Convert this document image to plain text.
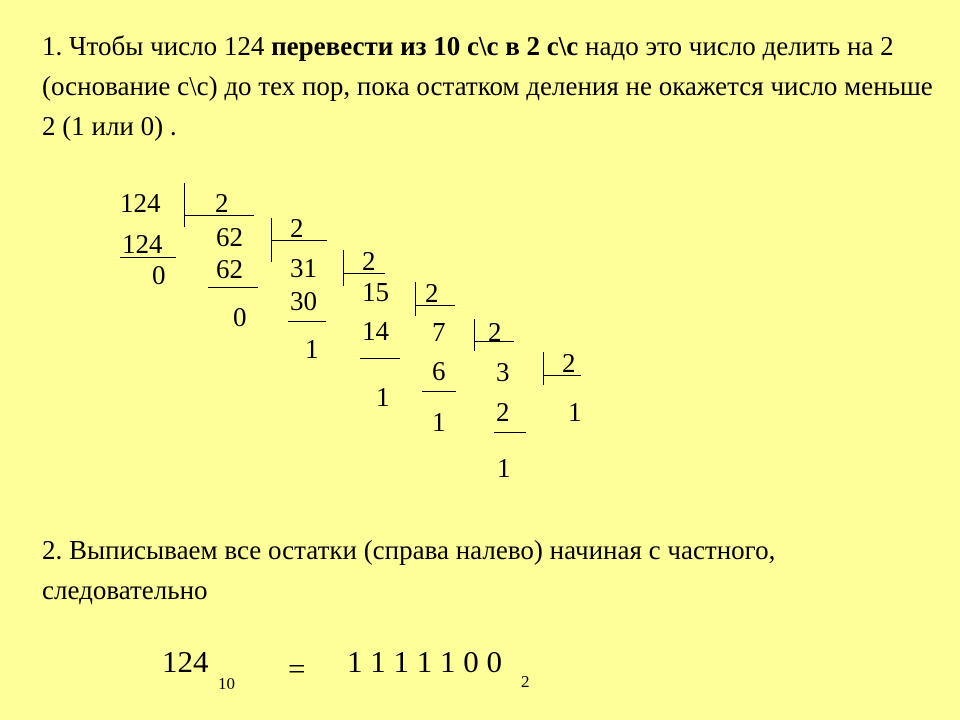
1. Чтобы число 124 перевести из 10 с\с в 2 с\с надо это число делить на 2 (основание с\с) до тех пор, пока остатком деления не окажется число меньше 2 (1 или 0) .

124 2
124
0
62 2
62
0
31 2
30
1
15 2
14
1
7 2
6
1
3 2
2
1
1

2. Выписываем все остатки (справа налево) начиная с частного, следовательно

124
10 = 1 1 1 1 1 0 0
2
